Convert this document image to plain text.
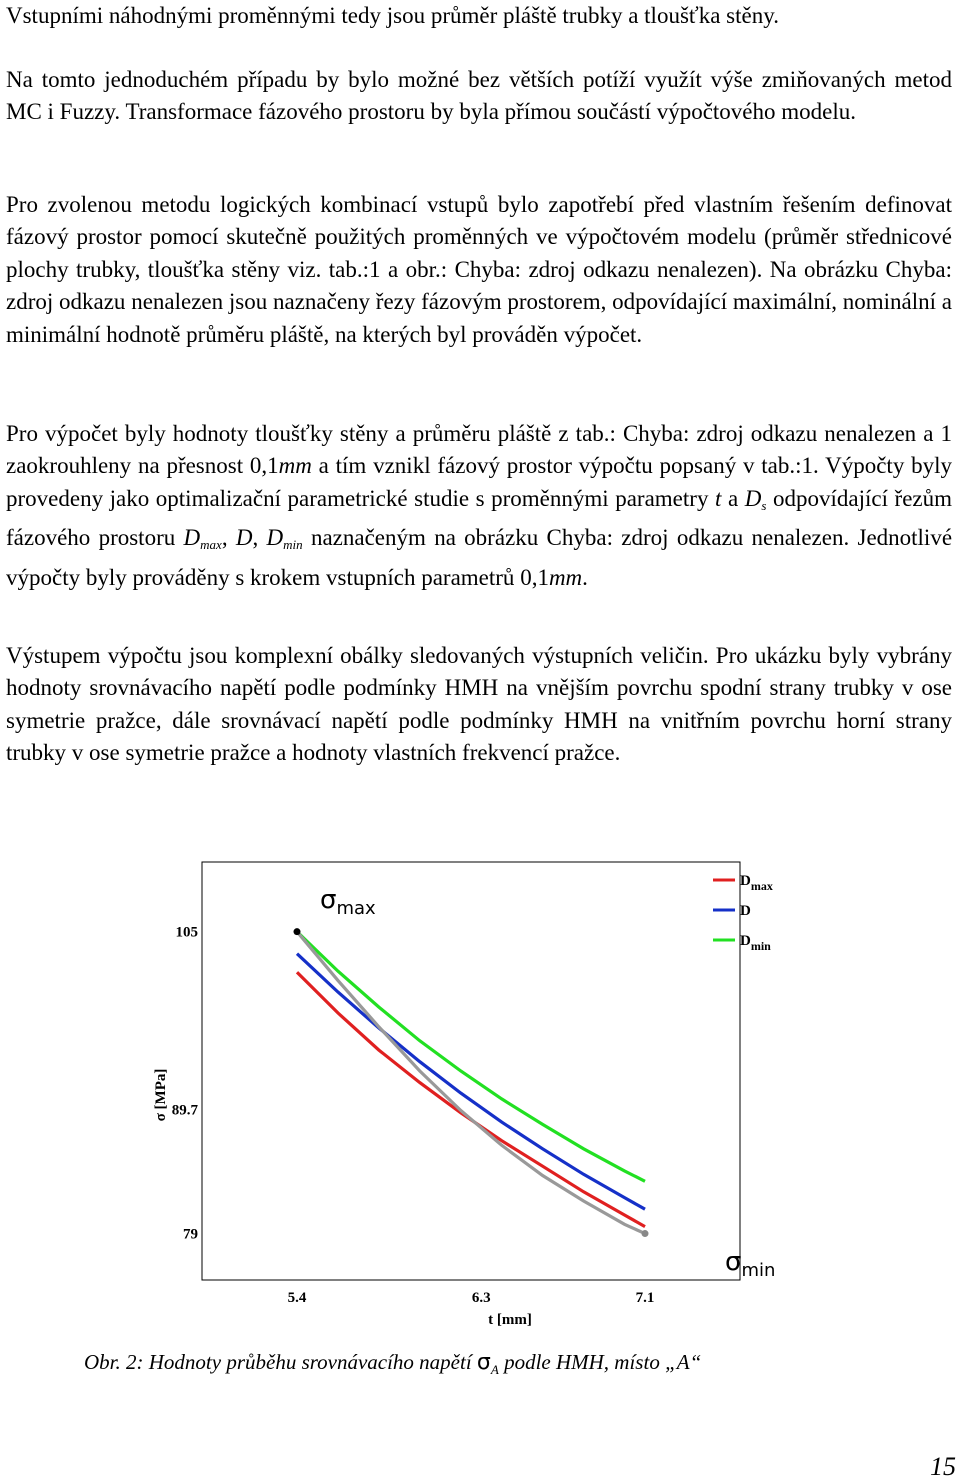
Vstupními náhodnými proměnnými tedy jsou průměr pláště trubky a tloušťka stěny.

Na tomto jednoduchém případu by bylo možné bez větších potíží využít výše zmiňovaných metod MC i Fuzzy. Transformace fázového prostoru by byla přímou součástí výpočtového modelu.

Pro zvolenou metodu logických kombinací vstupů bylo zapotřebí před vlastním řešením definovat fázový prostor pomocí skutečně použitých proměnných ve výpočtovém modelu (průměr střednicové plochy trubky, tloušťka stěny viz. tab.:1 a obr.: Chyba: zdroj odkazu nenalezen). Na obrázku Chyba: zdroj odkazu nenalezen jsou naznačeny řezy fázovým prostorem, odpovídající maximální, nominální a minimální hodnotě průměru pláště, na kterých byl prováděn výpočet.

Pro výpočet byly hodnoty tloušťky stěny a průměru pláště z tab.: Chyba: zdroj odkazu nenalezen a 1 zaokrouhleny na přesnost 0,1mm a tím vznikl fázový prostor výpočtu popsaný v tab.:1. Výpočty byly provedeny jako optimalizační parametrické studie s proměnnými parametry t a $D_s$ odpovídající řezům fázového prostoru $D_{max}$, D, $D_{min}$ naznačeným na obrázku Chyba: zdroj odkazu nenalezen. Jednotlivé výpočty byly prováděny s krokem vstupních parametrů 0,1mm.

Výstupem výpočtu jsou komplexní obálky sledovaných výstupních veličin. Pro ukázku byly vybrány hodnoty srovnávacího napětí podle podmínky HMH na vnějším povrchu spodní strany trubky v ose symetrie pražce, dále srovnávací napětí podle podmínky HMH na vnitřním povrchu horní strany trubky v ose symetrie pražce a hodnoty vlastních frekvencí pražce.

5.4	6.3	7.1
105
89.7
79
t [mm]
σ [MPa]
$\sigma_{max}$
$\sigma_{min}$
$D_{max}$
D
$D_{min}$
Obr. 2: Hodnoty průběhu srovnávacího napětí $\sigma_A$ podle HMH, místo „A“
15
